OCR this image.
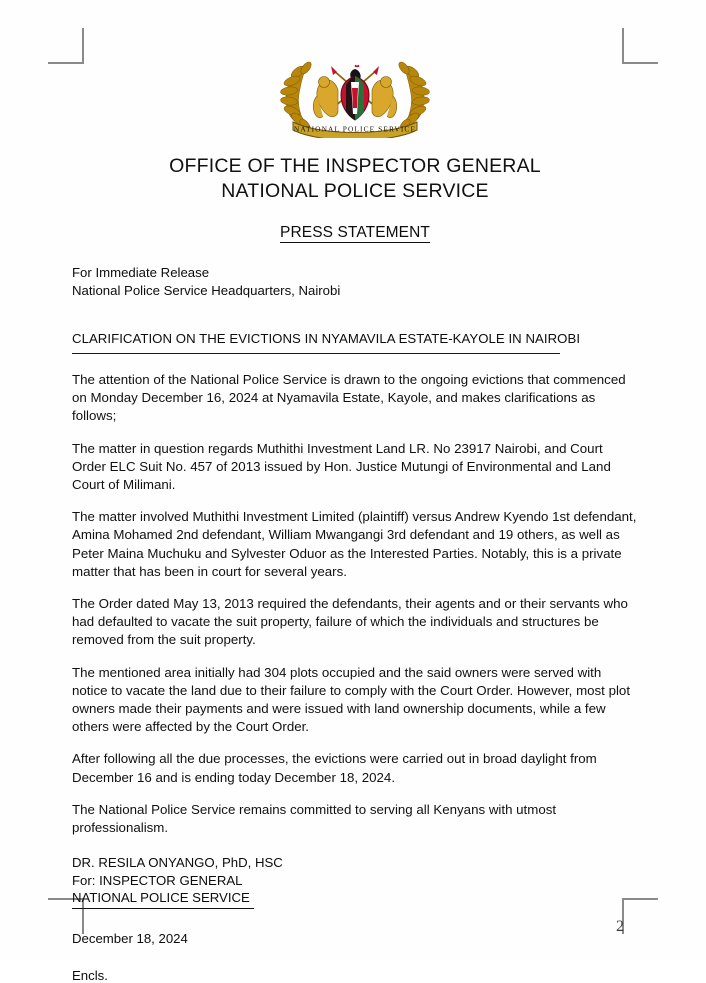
NATIONAL POLICE SERVICE
OFFICE OF THE INSPECTOR GENERAL
NATIONAL POLICE SERVICE
PRESS STATEMENT
For Immediate Release
National Police Service Headquarters, Nairobi
CLARIFICATION ON THE EVICTIONS IN NYAMAVILA ESTATE-KAYOLE IN NAIROBI

The attention of the National Police Service is drawn to the ongoing evictions that commenced on Monday December 16, 2024 at Nyamavila Estate, Kayole, and makes clarifications as follows;

The matter in question regards Muthithi Investment Land LR. No 23917 Nairobi, and Court Order ELC Suit No. 457 of 2013 issued by Hon. Justice Mutungi of Environmental and Land Court of Milimani.

The matter involved Muthithi Investment Limited (plaintiff) versus Andrew Kyendo 1st defendant, Amina Mohamed 2nd defendant, William Mwangangi 3rd defendant and 19 others, as well as Peter Maina Muchuku and Sylvester Oduor as the Interested Parties. Notably, this is a private matter that has been in court for several years.

The Order dated May 13, 2013 required the defendants, their agents and or their servants who had defaulted to vacate the suit property, failure of which the individuals and structures be removed from the suit property.

The mentioned area initially had 304 plots occupied and the said owners were served with notice to vacate the land due to their failure to comply with the Court Order. However, most plot owners made their payments and were issued with land ownership documents, while a few others were affected by the Court Order.

After following all the due processes, the evictions were carried out in broad daylight from December 16 and is ending today December 18, 2024.

The National Police Service remains committed to serving all Kenyans with utmost professionalism.

DR. RESILA ONYANGO, PhD, HSC
For: INSPECTOR GENERAL
NATIONAL POLICE SERVICE
December 18, 2024
Encls.
2
